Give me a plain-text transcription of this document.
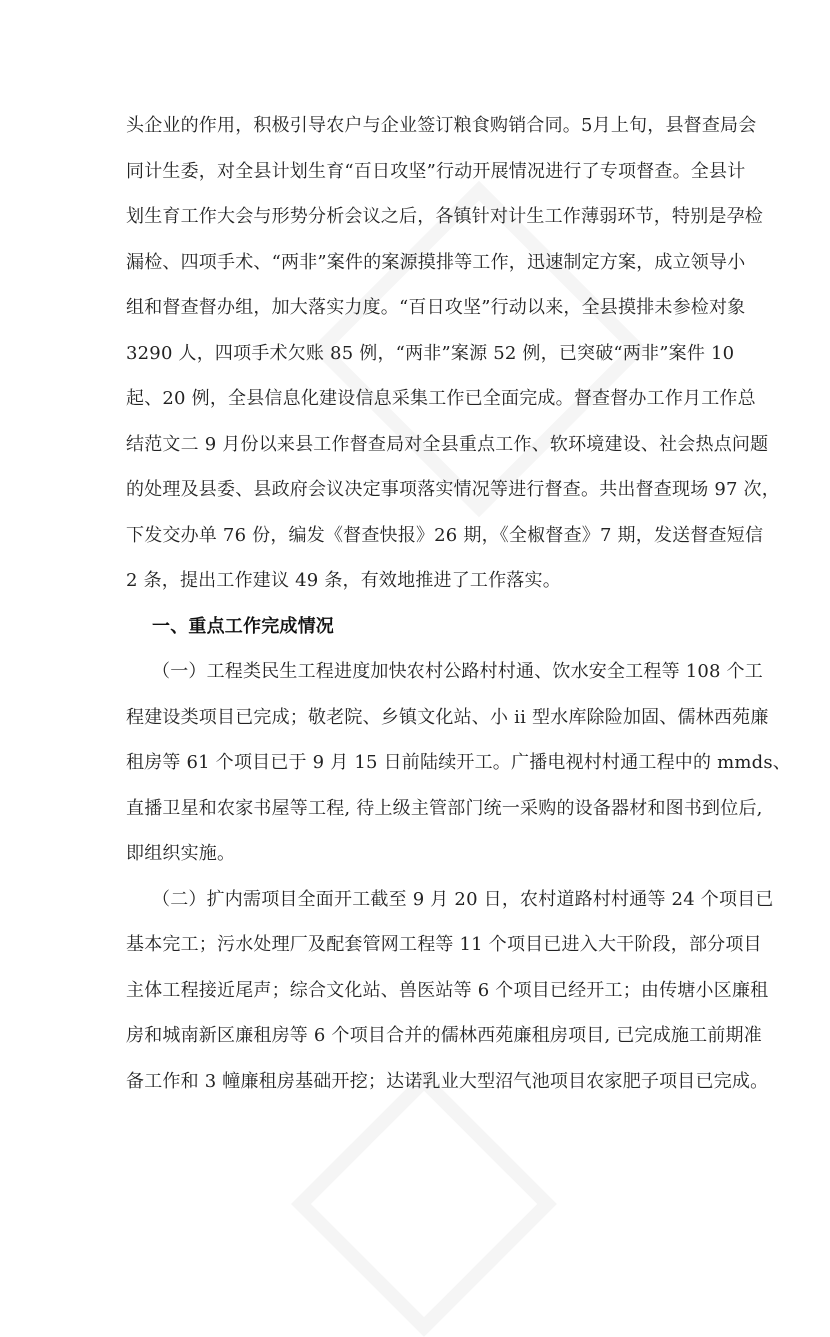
头企业的作用，积极引导农户与企业签订粮食购销合同。5月上旬，县督查局会
同计生委，对全县计划生育“百日攻坚”行动开展情况进行了专项督查。全县计
划生育工作大会与形势分析会议之后，各镇针对计生工作薄弱环节，特别是孕检
漏检、四项手术、“两非”案件的案源摸排等工作，迅速制定方案，成立领导小
组和督查督办组，加大落实力度。“百日攻坚”行动以来，全县摸排未参检对象
3290 人，四项手术欠账 85 例，“两非”案源 52 例，已突破“两非”案件 10
起、20 例，全县信息化建设信息采集工作已全面完成。督查督办工作月工作总
结范文二 9 月份以来县工作督查局对全县重点工作、软环境建设、社会热点问题
的处理及县委、县政府会议决定事项落实情况等进行督查。共出督查现场 97 次，
下发交办单 76 份，编发《督查快报》26 期，《全椒督查》7 期，发送督查短信
2 条，提出工作建议 49 条，有效地推进了工作落实。
一、重点工作完成情况
（一）工程类民生工程进度加快农村公路村村通、饮水安全工程等 108 个工
程建设类项目已完成；敬老院、乡镇文化站、小 ii 型水库除险加固、儒林西苑廉
租房等 61 个项目已于 9 月 15 日前陆续开工。广播电视村村通工程中的 mmds、
直播卫星和农家书屋等工程, 待上级主管部门统一采购的设备器材和图书到位后,
即组织实施。
（二）扩内需项目全面开工截至 9 月 20 日，农村道路村村通等 24 个项目已
基本完工；污水处理厂及配套管网工程等 11 个项目已进入大干阶段，部分项目
主体工程接近尾声；综合文化站、兽医站等 6 个项目已经开工；由传塘小区廉租
房和城南新区廉租房等 6 个项目合并的儒林西苑廉租房项目, 已完成施工前期准
备工作和 3 幢廉租房基础开挖；达诺乳业大型沼气池项目农家肥子项目已完成。
